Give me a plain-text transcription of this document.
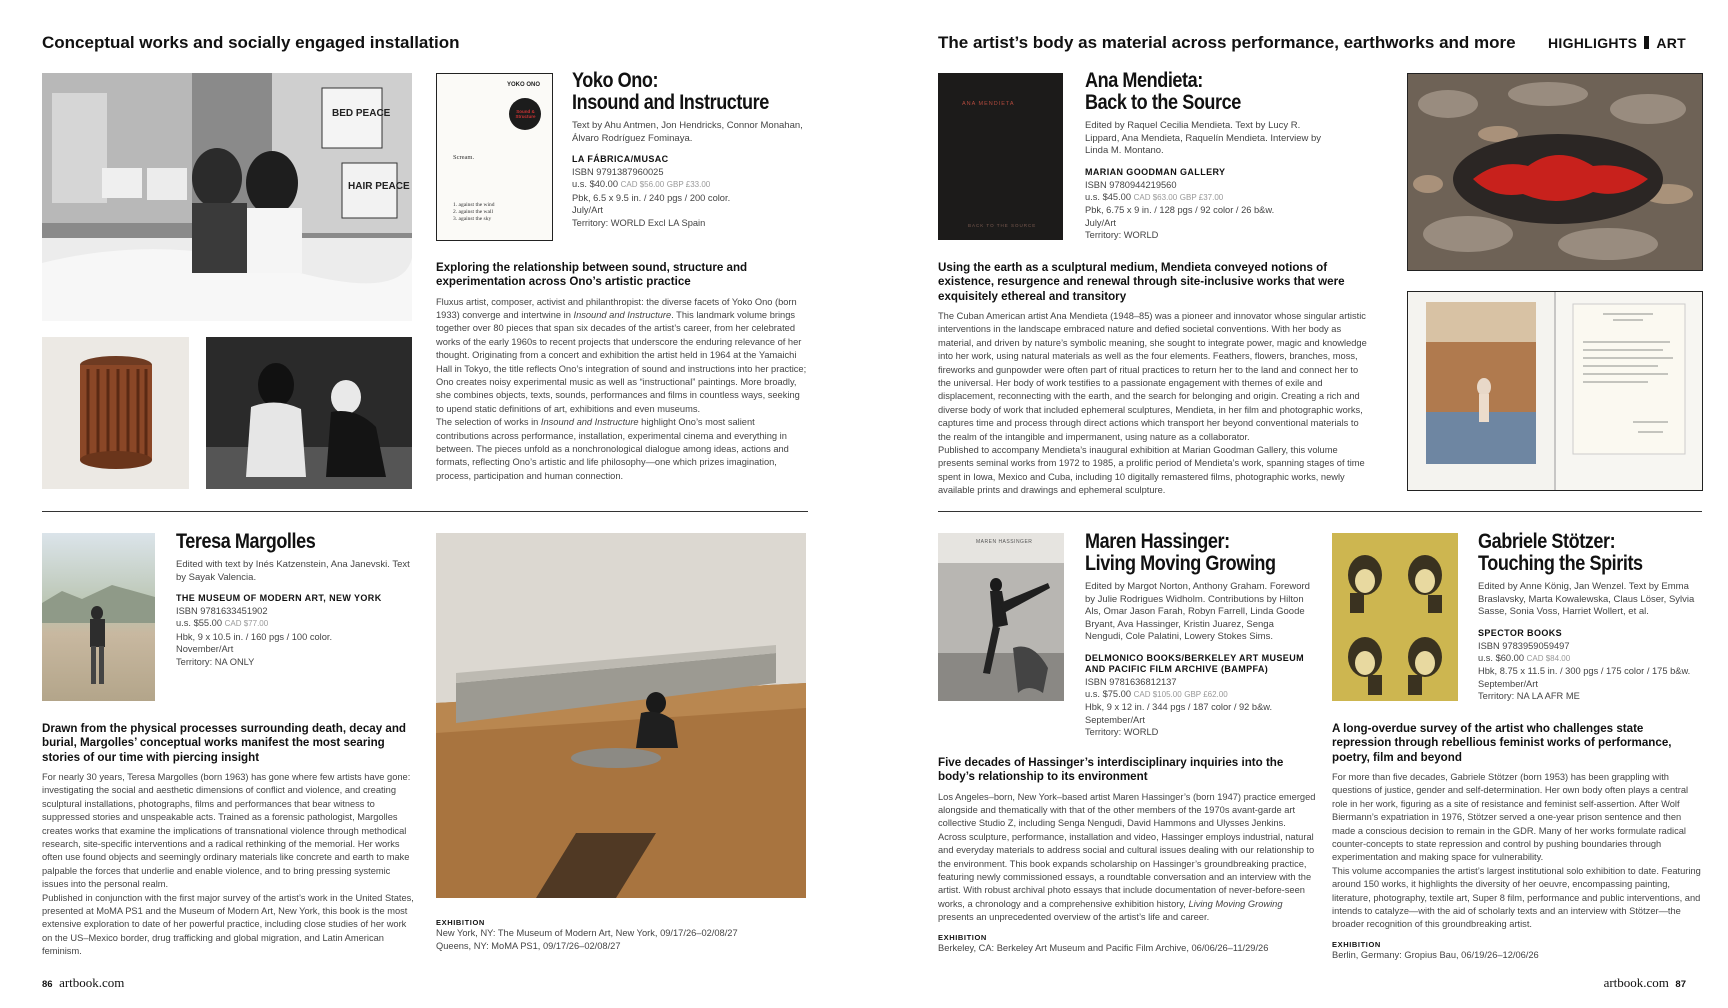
Conceptual works and socially engaged installation
BED PEACE
HAIR PEACE
YOKO ONO
Sound & Structure
Scream.
1. against the wind
2. against the wall
3. against the sky
Yoko Ono:
Insound and Instructure
Text by Ahu Antmen, Jon Hendricks, Connor Monahan, Álvaro Rodríguez Fominaya.
LA FÁBRICA/MUSAC
ISBN 9791387960025
u.s. $40.00 CAD $56.00 GBP £33.00
Pbk, 6.5 x 9.5 in. / 240 pgs / 200 color.
July/Art
Territory: WORLD Excl LA Spain
Exploring the relationship between sound, structure and experimentation across Ono’s artistic practice

Fluxus artist, composer, activist and philanthropist: the diverse facets of Yoko Ono (born 1933) converge and intertwine in Insound and Instructure. This landmark volume brings together over 80 pieces that span six decades of the artist’s career, from her celebrated works of the early 1960s to recent projects that underscore the enduring relevance of her thought. Originating from a concert and exhibition the artist held in 1964 at the Yamaichi Hall in Tokyo, the title reflects Ono’s integration of sound and instructions into her practice; Ono creates noisy experimental music as well as “instructional” paintings. More broadly, she combines objects, texts, sounds, performances and films in countless ways, seeking to upend static definitions of art, exhibitions and even museums.

The selection of works in Insound and Instructure highlight Ono’s most salient contributions across performance, installation, experimental cinema and everything in between. The pieces unfold as a nonchronological dialogue among ideas, actions and formats, reflecting Ono’s artistic and life philosophy—one which prizes imagination, process, participation and human connection.

Teresa Margolles
Edited with text by Inés Katzenstein, Ana Janevski. Text by Sayak Valencia.
THE MUSEUM OF MODERN ART, NEW YORK
ISBN 9781633451902
u.s. $55.00 CAD $77.00
Hbk, 9 x 10.5 in. / 160 pgs / 100 color.
November/Art
Territory: NA ONLY
Drawn from the physical processes surrounding death, decay and burial, Margolles’ conceptual works manifest the most searing stories of our time with piercing insight

For nearly 30 years, Teresa Margolles (born 1963) has gone where few artists have gone: investigating the social and aesthetic dimensions of conflict and violence, and creating sculptural installations, photographs, films and performances that bear witness to suppressed stories and unspeakable acts. Trained as a forensic pathologist, Margolles creates works that examine the implications of transnational violence through methodical research, site-specific interventions and a radical rethinking of the memorial. Her works often use found objects and seemingly ordinary materials like concrete and earth to make palpable the forces that underlie and enable violence, and to bring pressing systemic issues into the personal realm.

Published in conjunction with the first major survey of the artist’s work in the United States, presented at MoMA PS1 and the Museum of Modern Art, New York, this book is the most extensive exploration to date of her powerful practice, including close studies of her work on the US–Mexico border, drug trafficking and global migration, and Latin American feminism.

EXHIBITION
New York, NY: The Museum of Modern Art, New York, 09/17/26–02/08/27
Queens, NY: MoMA PS1, 09/17/26–02/08/27
86 artbook.com
The artist’s body as material across performance, earthworks and more HIGHLIGHTS ART
ANA MENDIETA
BACK TO THE SOURCE
Ana Mendieta:
Back to the Source
Edited by Raquel Cecilia Mendieta. Text by Lucy R. Lippard, Ana Mendieta, Raquelín Mendieta. Interview by Linda M. Montano.
MARIAN GOODMAN GALLERY
ISBN 9780944219560
u.s. $45.00 CAD $63.00 GBP £37.00
Pbk, 6.75 x 9 in. / 128 pgs / 92 color / 26 b&w.
July/Art
Territory: WORLD
Using the earth as a sculptural medium, Mendieta conveyed notions of existence, resurgence and renewal through site-inclusive works that were exquisitely ethereal and transitory

The Cuban American artist Ana Mendieta (1948–85) was a pioneer and innovator whose singular artistic interventions in the landscape embraced nature and defied societal conventions. With her body as material, and driven by nature’s symbolic meaning, she sought to integrate power, magic and knowledge into her work, using natural materials as well as the four elements. Feathers, flowers, branches, moss, fireworks and gunpowder were often part of ritual practices to return her to the land and connect her to the universal. Her body of work testifies to a passionate engagement with themes of exile and displacement, reconnecting with the earth, and the search for belonging and origin. Creating a rich and diverse body of work that included ephemeral sculptures, Mendieta, in her film and photographic works, captures time and process through direct actions which transport her beyond conventional materials to the realm of the intangible and impermanent, using nature as a collaborator.

Published to accompany Mendieta’s inaugural exhibition at Marian Goodman Gallery, this volume presents seminal works from 1972 to 1985, a prolific period of Mendieta’s work, spanning stages of time spent in Iowa, Mexico and Cuba, including 10 digitally remastered films, photographic works, newly available prints and drawings and ephemeral sculpture.

MAREN HASSINGER	Maren Hassinger:
Living Moving Growing
Edited by Margot Norton, Anthony Graham. Foreword by Julie Rodrigues Widholm. Contributions by Hilton Als, Omar Jason Farah, Robyn Farrell, Linda Goode Bryant, Ava Hassinger, Kristin Juarez, Senga Nengudi, Cole Palatini, Lowery Stokes Sims.
DELMONICO BOOKS/BERKELEY ART MUSEUM AND PACIFIC FILM ARCHIVE (BAMPFA)
ISBN 9781636812137
u.s. $75.00 CAD $105.00 GBP £62.00
Hbk, 9 x 12 in. / 344 pgs / 187 color / 92 b&w.
September/Art
Territory: WORLD
Five decades of Hassinger’s interdisciplinary inquiries into the body’s relationship to its environment

Los Angeles–born, New York–based artist Maren Hassinger’s (born 1947) practice emerged alongside and thematically with that of the other members of the 1970s avant-garde art collective Studio Z, including Senga Nengudi, David Hammons and Ulysses Jenkins. Across sculpture, performance, installation and video, Hassinger employs industrial, natural and everyday materials to address social and cultural issues dealing with our relationship to the environment. This book expands scholarship on Hassinger’s groundbreaking practice, featuring newly commissioned essays, a roundtable conversation and an interview with the artist. With robust archival photo essays that include documentation of never-before-seen works, a chronology and a comprehensive exhibition history, Living Moving Growing presents an unprecedented overview of the artist’s life and career.

EXHIBITION
Berkeley, CA: Berkeley Art Museum and Pacific Film Archive, 06/06/26–11/29/26
Gabriele Stötzer:
Touching the Spirits
Edited by Anne König, Jan Wenzel. Text by Emma Braslavsky, Marta Kowalewska, Claus Löser, Sylvia Sasse, Sonia Voss, Harriet Wollert, et al.
SPECTOR BOOKS
ISBN 9783959059497
u.s. $60.00 CAD $84.00
Hbk, 8.75 x 11.5 in. / 300 pgs / 175 color / 175 b&w.
September/Art
Territory: NA LA AFR ME
A long-overdue survey of the artist who challenges state repression through rebellious feminist works of performance, poetry, film and beyond

For more than five decades, Gabriele Stötzer (born 1953) has been grappling with questions of justice, gender and self-determination. Her own body often plays a central role in her work, figuring as a site of resistance and feminist self-assertion. After Wolf Biermann’s expatriation in 1976, Stötzer served a one-year prison sentence and then made a conscious decision to remain in the GDR. Many of her works formulate radical counter-concepts to state repression and control by pushing boundaries through experimentation and making space for vulnerability.

This volume accompanies the artist’s largest institutional solo exhibition to date. Featuring around 150 works, it highlights the diversity of her oeuvre, encompassing painting, literature, photography, textile art, Super 8 film, performance and public interventions, and intends to catalyze—with the aid of scholarly texts and an interview with Stötzer—the broader recognition of this groundbreaking artist.

EXHIBITION
Berlin, Germany: Gropius Bau, 06/19/26–12/06/26
artbook.com 87
